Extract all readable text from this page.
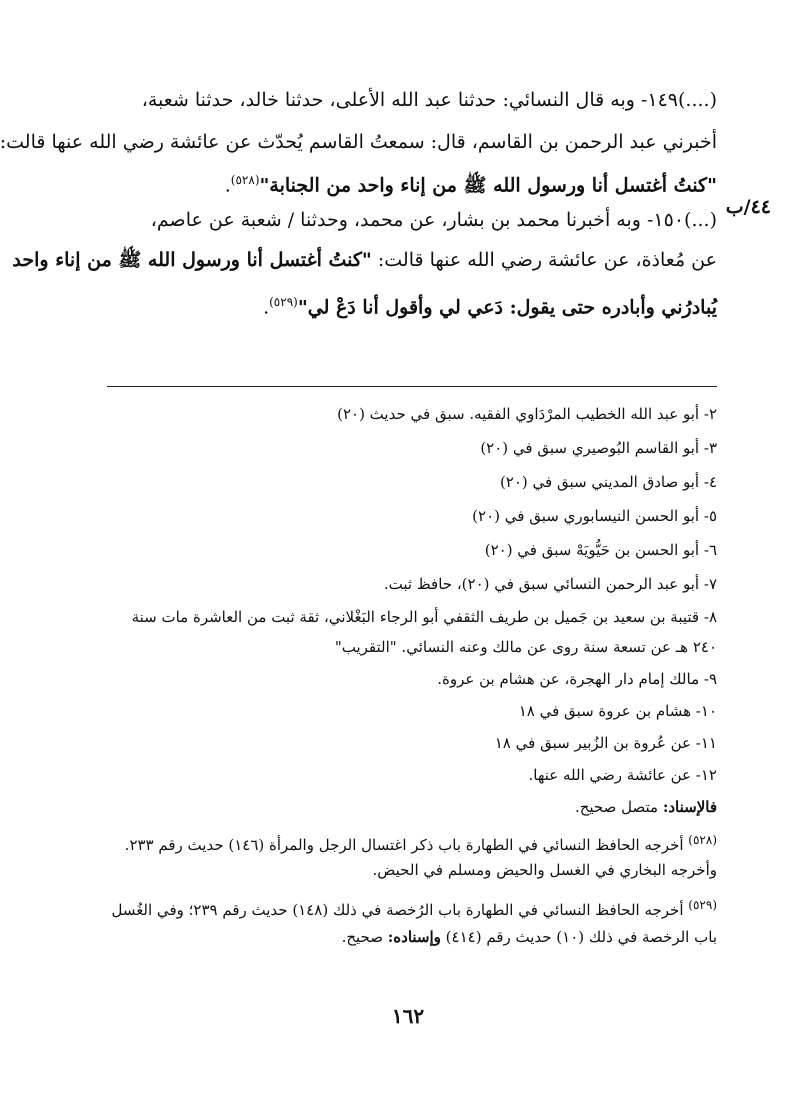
(....)١٤٩- وبه قال النسائي: حدثنا عبد الله الأعلى، حدثنا خالد، حدثنا شعبة،
أخبرني عبد الرحمن بن القاسم، قال: سمعتُ القاسم يُحدّث عن عائشة رضي الله عنها قالت:
"كنتُ أغتسل أنا ورسول الله ﷺ من إناء واحد من الجنابة"$^{(٥٢٨)}$.
٤٤/ب
(...)١٥٠- وبه أخبرنا محمد بن بشار، عن محمد، وحدثنا / شعبة عن عاصم،
عن مُعاذة، عن عائشة رضي الله عنها قالت: "كنتُ أغتسل أنا ورسول الله ﷺ من إناء واحد
يُبادرُني وأبادره حتى يقول: دَعي لي وأقول أنا دَعْ لي"$^{(٥٢٩)}$.
٢- أبو عبد الله الخطيب المرْدَاوي الفقيه. سبق في حديث (٢٠)
٣- أبو القاسم البُوصيري سبق في (٢٠)
٤- أبو صادق المديني سبق في (٢٠)
٥- أبو الحسن النيسابوري سبق في (٢٠)
٦- أبو الحسن بن حَيُّويَهْ سبق في (٢٠)
٧- أبو عبد الرحمن النسائي سبق في (٢٠)، حافظ ثبت.
٨- قتيبة بن سعيد بن جَميل بن طريف الثقفي أبو الرجاء البَغْلاني، ثقة ثبت من العاشرة مات سنة
٢٤٠ هـ عن تسعة سنة روى عن مالك وعنه النسائي. "التقريب"
٩- مالك إمام دار الهجرة، عن هشام بن عروة.
١٠- هشام بن عروة سبق في ١٨
١١- عن عُروة بن الزُبير سبق في ١٨
١٢- عن عائشة رضي الله عنها.
فالإسناد: متصل صحيح.
$^{(٥٢٨)}$ أخرجه الحافظ النسائي في الطهارة باب ذكر اغتسال الرجل والمرأة (١٤٦) حديث رقم ٢٣٣.
وأخرجه البخاري في الغسل والحيض ومسلم في الحيض.
$^{(٥٢٩)}$ أخرجه الحافظ النسائي في الطهارة باب الرُخصة في ذلك (١٤٨) حديث رقم ٢٣٩؛ وفي الغُسل
باب الرخصة في ذلك (١٠) حديث رقم (٤١٤) وإسناده: صحيح.
١٦٢
